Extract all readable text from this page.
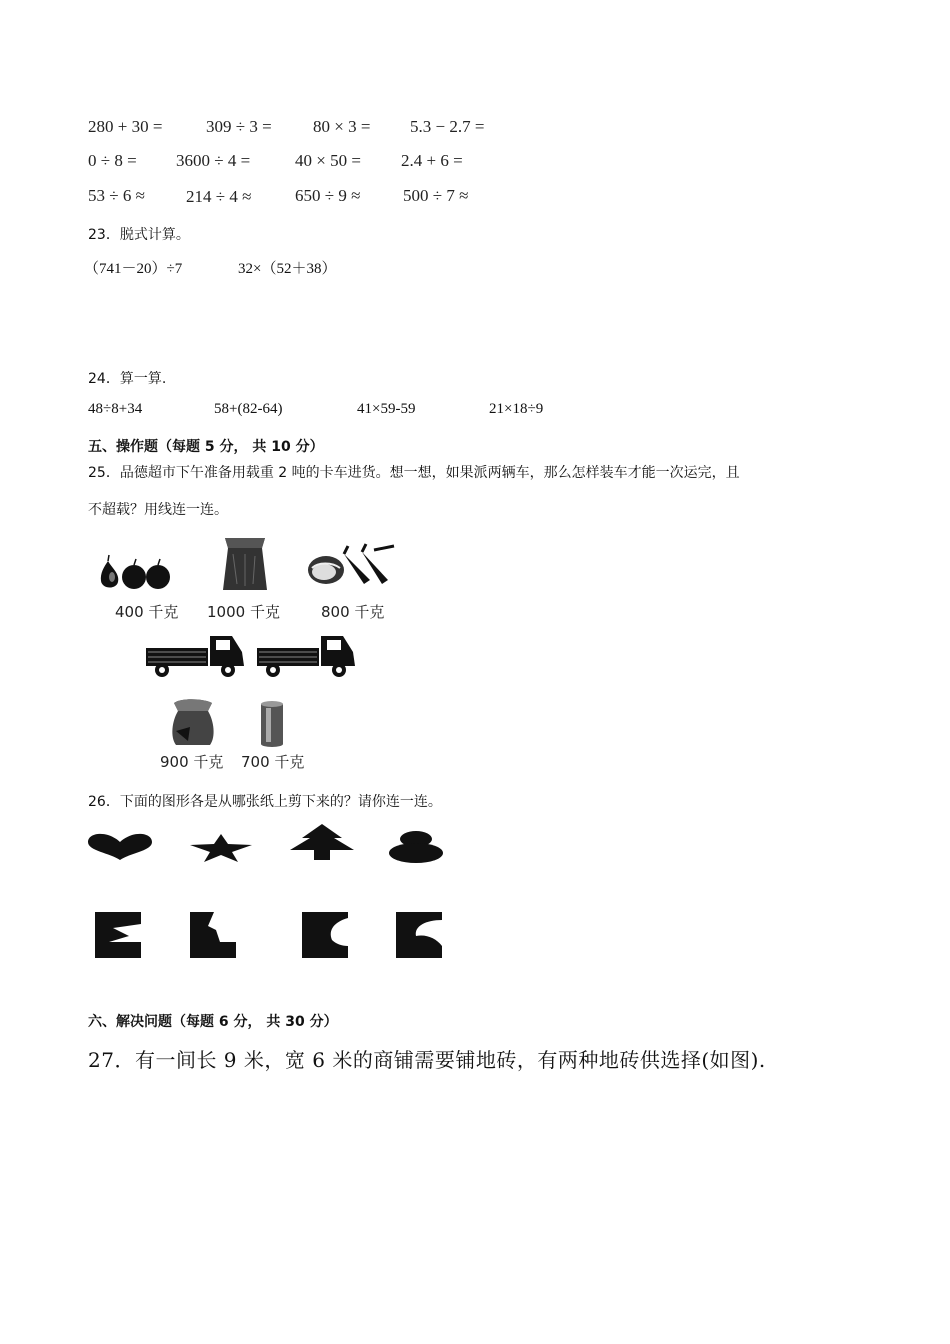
280 + 30 =	309 ÷ 3 = 80 × 3 = 5.3 − 2.7 =
0 ÷ 8 = 3600 ÷ 4 =	40 × 50 = 2.4 + 6 =
53 ÷ 6 ≈ 214 ÷ 4 ≈	650 ÷ 9 ≈	500 ÷ 7 ≈
23．脱式计算。
（741－20）÷7	32×（52＋38）
24．算一算.
48÷8+34	58+(82-64)	41×59-59	21×18÷9
五、操作题（每题 5 分， 共 10 分）
25．品德超市下午准备用载重 2 吨的卡车进货。想一想，如果派两辆车，那么怎样装车才能一次运完，且
不超载？用线连一连。
400 千克 1000 千克	800 千克
900 千克 700 千克
26．下面的图形各是从哪张纸上剪下来的？请你连一连。
六、解决问题（每题 6 分， 共 30 分）
27．有一间长 9 米，宽 6 米的商铺需要铺地砖，有两种地砖供选择(如图).
